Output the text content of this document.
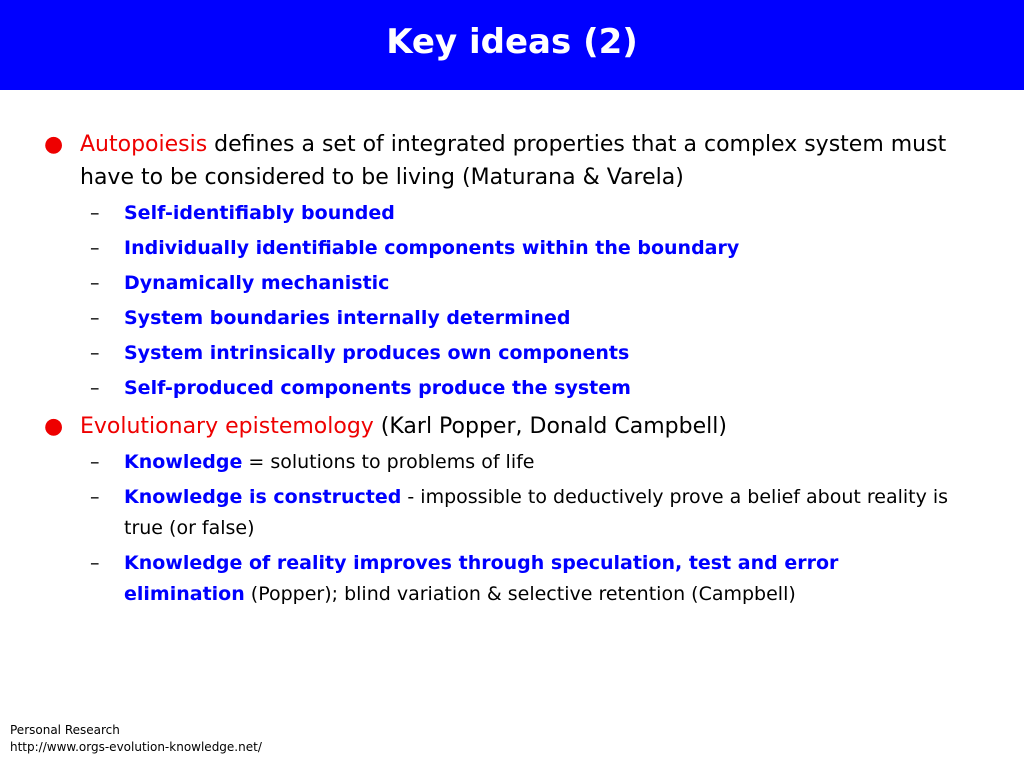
Key ideas (2)
● Autopoiesis defines a set of integrated properties that a complex system must have to be considered to be living (Maturana & Varela)
– Self-identifiably bounded
– Individually identifiable components within the boundary
– Dynamically mechanistic
– System boundaries internally determined
– System intrinsically produces own components
– Self-produced components produce the system
● Evolutionary epistemology (Karl Popper, Donald Campbell)
– Knowledge = solutions to problems of life
– Knowledge is constructed - impossible to deductively prove a belief about reality is true (or false)
– Knowledge of reality improves through speculation, test and error elimination (Popper); blind variation & selective retention (Campbell)
Personal Research
http://www.orgs-evolution-knowledge.net/
